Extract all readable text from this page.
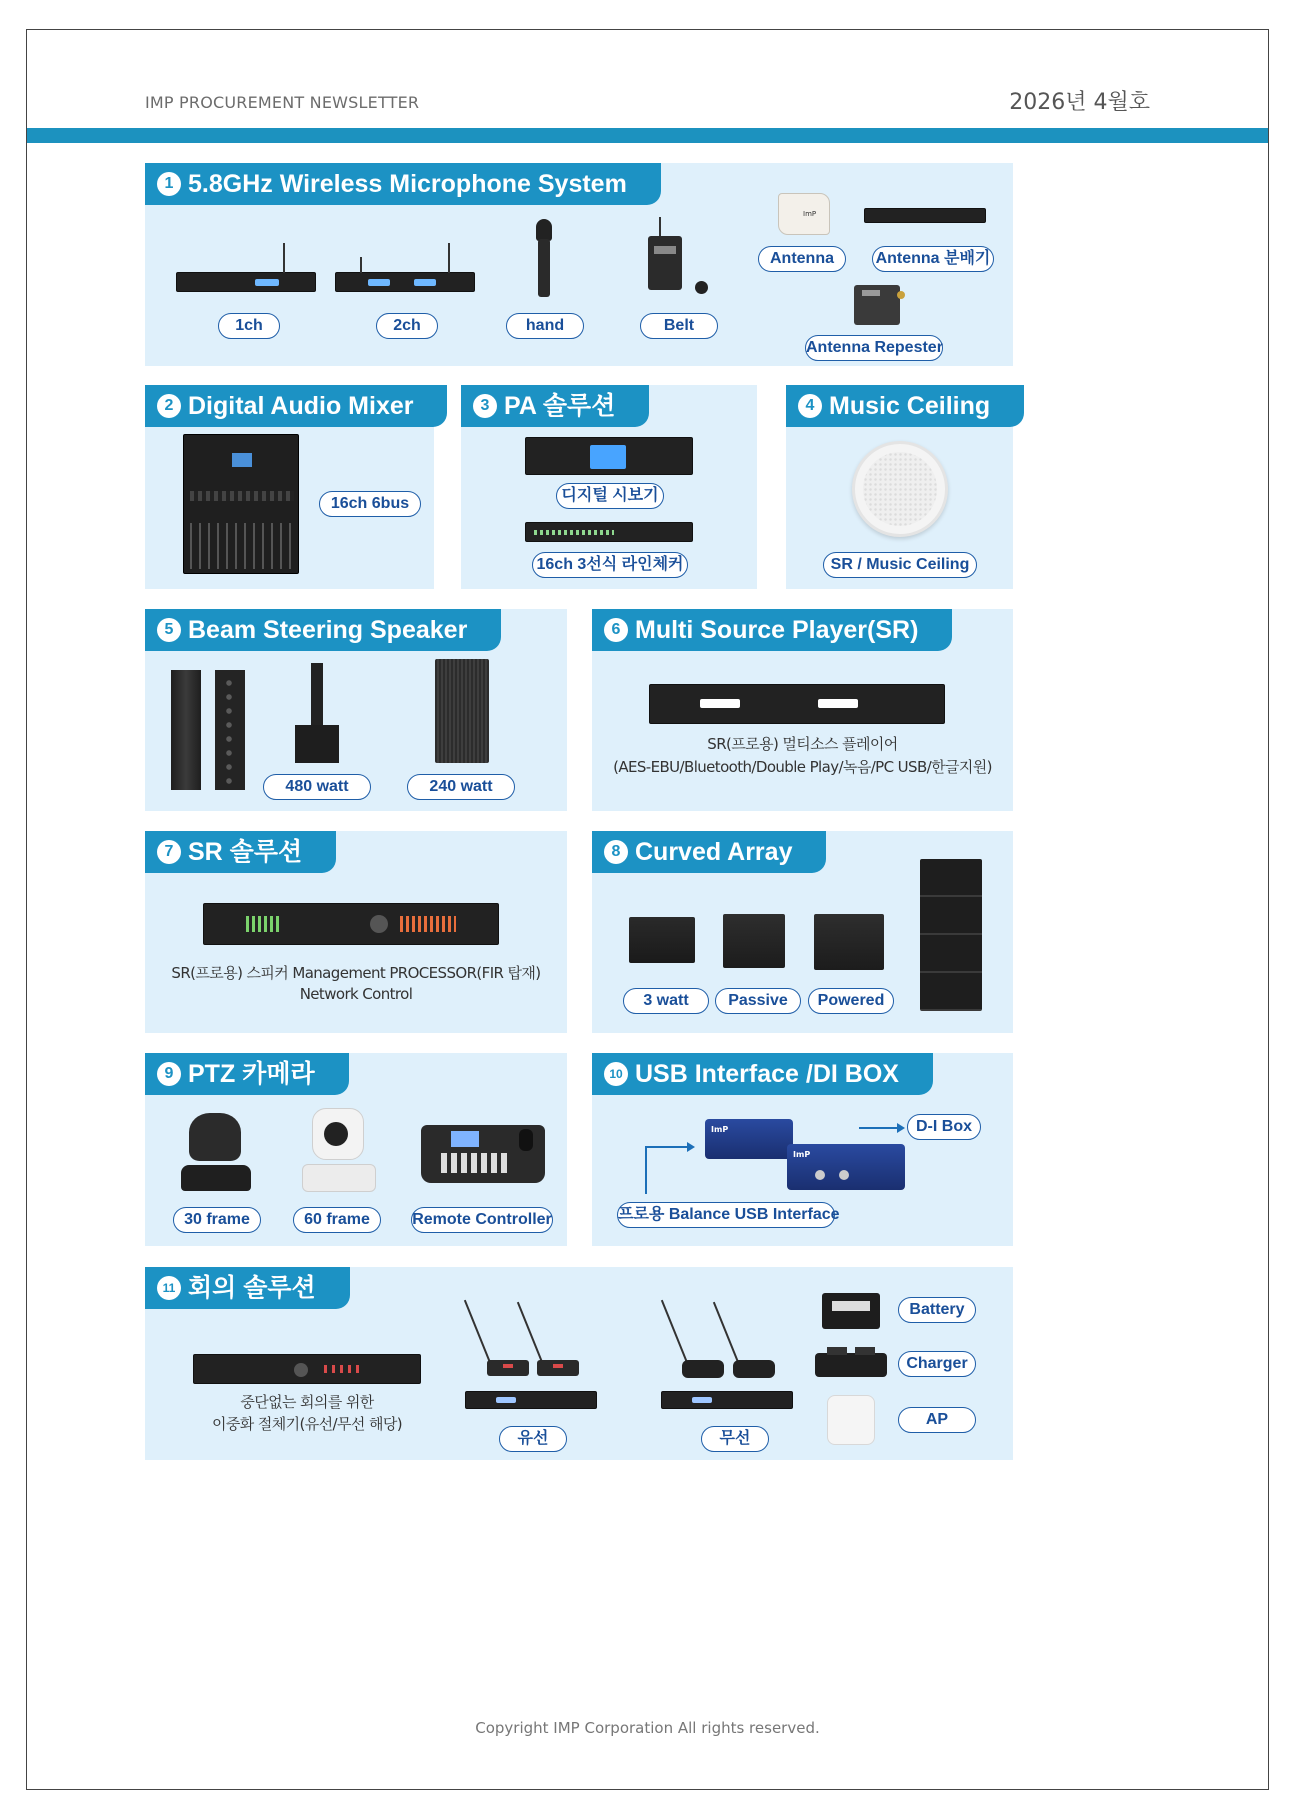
IMP PROCUREMENT NEWSLETTER	2026년 4월호
1 5.8GHz Wireless Microphone System
ImP
1ch	2ch	hand	Belt
Antenna	Antenna 분배기
Antenna Repester
2 Digital Audio Mixer
16ch 6bus
3 PA 솔루션
디지털 시보기
16ch 3선식 라인체커
4 Music Ceiling
SR / Music Ceiling
5 Beam Steering Speaker
480 watt	240 watt
6 Multi Source Player(SR)
SR(프로용) 멀티소스 플레이어
(AES-EBU/Bluetooth/Double Play/녹음/PC USB/한글지원)
7 SR 솔루션
SR(프로용) 스피커 Management PROCESSOR(FIR 탑재)
Network Control
8 Curved Array
3 watt	Passive	Powered
9 PTZ 카메라
30 frame	60 frame	Remote Controller
10 USB Interface /DI BOX
ImP
ImP
D-I Box
프로용 Balance USB Interface
11 회의 솔루션
중단없는 회의를 위한
이중화 절체기(유선/무선 해당)
유선	무선
Battery
Charger
AP
Copyright IMP Corporation All rights reserved.
